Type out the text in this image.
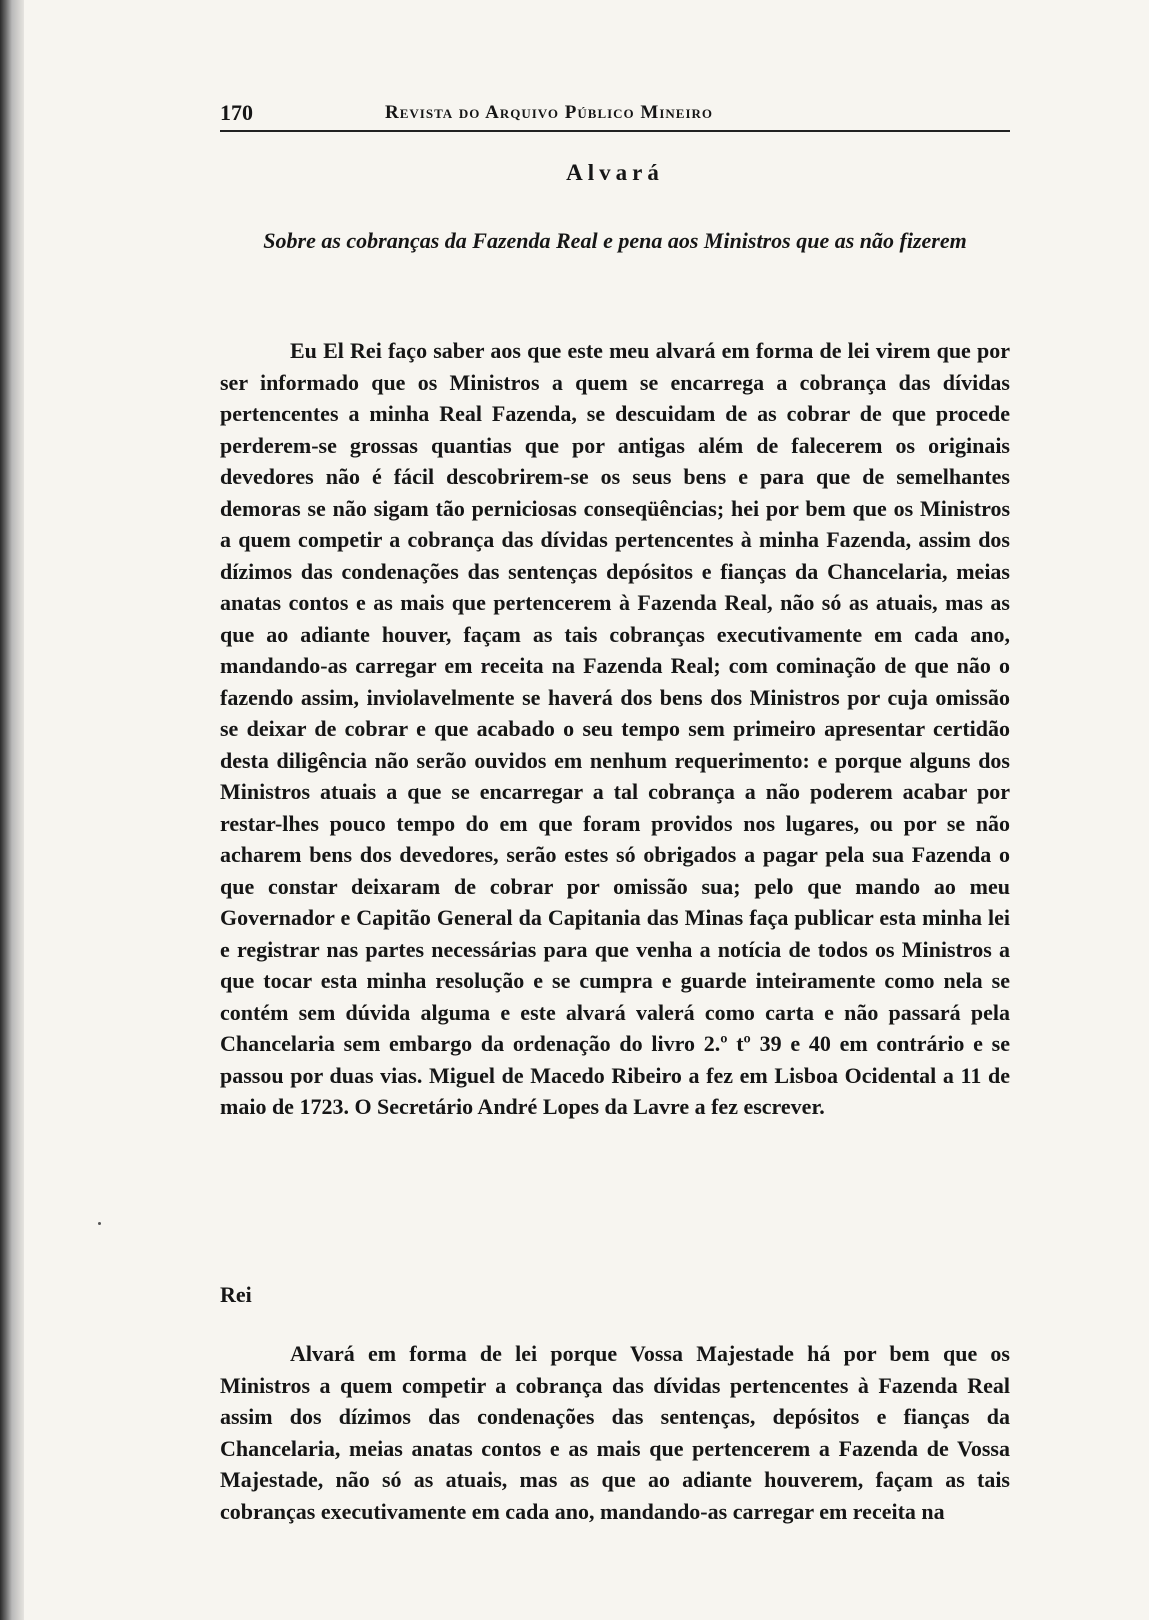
170	Revista do Arquivo Público Mineiro
Alvará
Sobre as cobranças da Fazenda Real e pena aos Ministros que as não fizerem

Eu El Rei faço saber aos que este meu alvará em forma de lei virem que por ser informado que os Ministros a quem se encarrega a cobrança das dívidas pertencentes a minha Real Fazenda, se descuidam de as cobrar de que procede perderem-se grossas quantias que por antigas além de falecerem os originais devedores não é fácil descobrirem-se os seus bens e para que de semelhantes demoras se não sigam tão perniciosas conseqüências; hei por bem que os Ministros a quem competir a cobrança das dívidas pertencentes à minha Fazenda, assim dos dízimos das condenações das sentenças depósitos e fianças da Chancelaria, meias anatas contos e as mais que pertencerem à Fazenda Real, não só as atuais, mas as que ao adiante houver, façam as tais cobranças executivamente em cada ano, mandando-as carregar em receita na Fazenda Real; com cominação de que não o fazendo assim, inviolavelmente se haverá dos bens dos Ministros por cuja omissão se deixar de cobrar e que acabado o seu tempo sem primeiro apresentar certidão desta diligência não serão ouvidos em nenhum requerimento: e porque alguns dos Ministros atuais a que se encarregar a tal cobrança a não poderem acabar por restar-lhes pouco tempo do em que foram providos nos lugares, ou por se não acharem bens dos devedores, serão estes só obrigados a pagar pela sua Fazenda o que constar deixaram de cobrar por omissão sua; pelo que mando ao meu Governador e Capitão General da Capitania das Minas faça publicar esta minha lei e registrar nas partes necessárias para que venha a notícia de todos os Ministros a que tocar esta minha resolução e se cumpra e guarde inteiramente como nela se contém sem dúvida alguma e este alvará valerá como carta e não passará pela Chancelaria sem embargo da ordenação do livro 2.º tº 39 e 40 em contrário e se passou por duas vias. Miguel de Macedo Ribeiro a fez em Lisboa Ocidental a 11 de maio de 1723. O Secretário André Lopes da Lavre a fez escrever.

Rei

Alvará em forma de lei porque Vossa Majestade há por bem que os Ministros a quem competir a cobrança das dívidas pertencentes à Fazenda Real assim dos dízimos das condenações das sentenças, depósitos e fianças da Chancelaria, meias anatas contos e as mais que pertencerem a Fazenda de Vossa Majestade, não só as atuais, mas as que ao adiante houverem, façam as tais cobranças executivamente em cada ano, mandando-as carregar em receita na
